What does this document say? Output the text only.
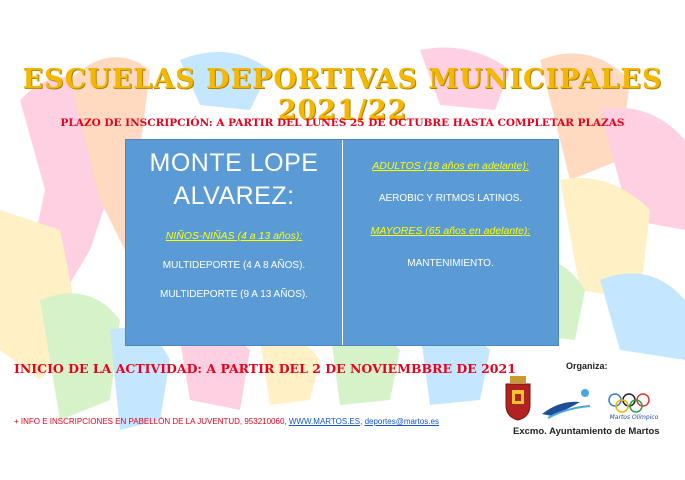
ESCUELAS DEPORTIVAS MUNICIPALES 2021/22
PLAZO DE INSCRIPCIÓN: A PARTIR DEL LUNES 25 DE OCTUBRE HASTA COMPLETAR PLAZAS
MONTE LOPE
ALVAREZ:
NIÑOS-NIÑAS (4 a 13 años):
MULTIDEPORTE (4 A 8 AÑOS).
MULTIDEPORTE (9 A 13 AÑOS).
ADULTOS (18 años en adelante):
AEROBIC Y RITMOS LATINOS.
MAYORES (65 años en adelante):
MANTENIMIENTO.
INICIO DE LA ACTIVIDAD: A PARTIR DEL 2 DE NOVIEMBBRE DE 2021
+ INFO E INSCRIPCIONES EN PABELLÓN DE LA JUVENTUD, 953210060, WWW.MARTOS.ES, deportes@martos.es
Organiza:
Martos Olímpico
Excmo. Ayuntamiento de Martos
